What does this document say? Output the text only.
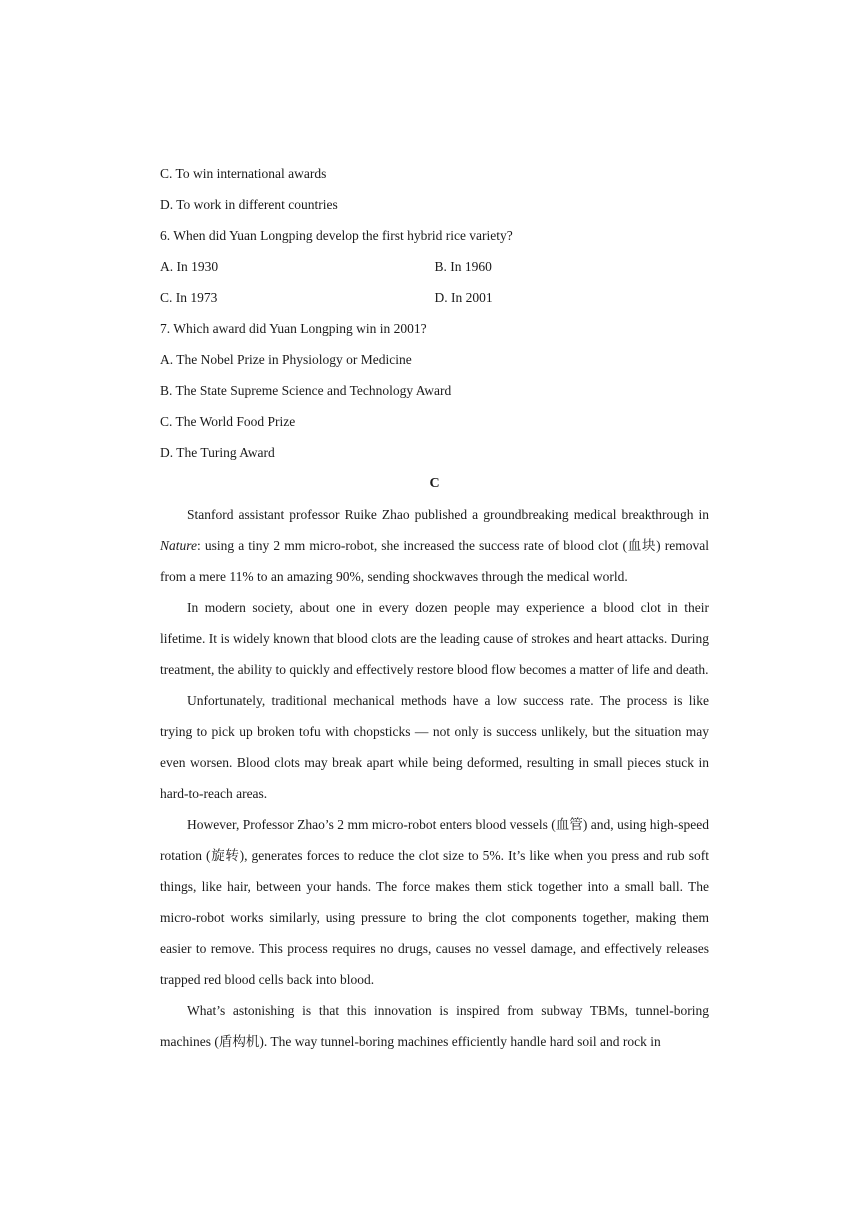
C. To win international awards
D. To work in different countries
6. When did Yuan Longping develop the first hybrid rice variety?
A. In 1930	B. In 1960
C. In 1973	D. In 2001
7. Which award did Yuan Longping win in 2001?
A. The Nobel Prize in Physiology or Medicine
B. The State Supreme Science and Technology Award
C. The World Food Prize
D. The Turing Award
C

Stanford assistant professor Ruike Zhao published a groundbreaking medical breakthrough in Nature: using a tiny 2 mm micro-robot, she increased the success rate of blood clot (血块) removal from a mere 11% to an amazing 90%, sending shockwaves through the medical world.

In modern society, about one in every dozen people may experience a blood clot in their lifetime. It is widely known that blood clots are the leading cause of strokes and heart attacks. During treatment, the ability to quickly and effectively restore blood flow becomes a matter of life and death.

Unfortunately, traditional mechanical methods have a low success rate. The process is like trying to pick up broken tofu with chopsticks — not only is success unlikely, but the situation may even worsen. Blood clots may break apart while being deformed, resulting in small pieces stuck in hard-to-reach areas.

However, Professor Zhao’s 2 mm micro-robot enters blood vessels (血管) and, using high-speed rotation (旋转), generates forces to reduce the clot size to 5%. It’s like when you press and rub soft things, like hair, between your hands. The force makes them stick together into a small ball. The micro-robot works similarly, using pressure to bring the clot components together, making them easier to remove. This process requires no drugs, causes no vessel damage, and effectively releases trapped red blood cells back into blood.

What’s astonishing is that this innovation is inspired from subway TBMs, tunnel-boring machines (盾构机). The way tunnel-boring machines efficiently handle hard soil and rock in
